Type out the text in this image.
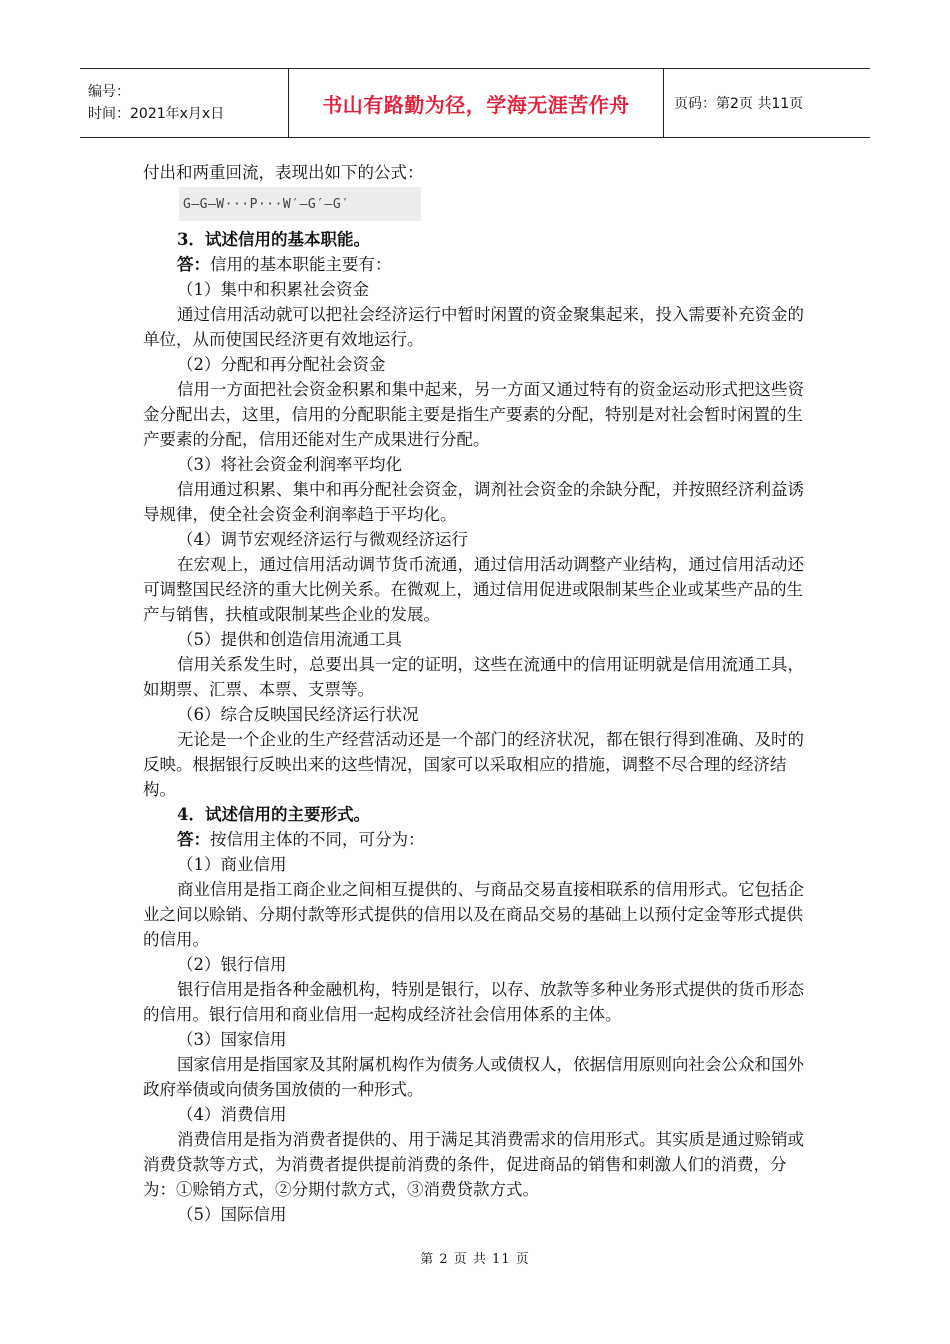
编号：
时间：2021年x月x日	书山有路勤为径，学海无涯苦作舟	页码：第2页 共11页

付出和两重回流，表现出如下的公式：

G—G—W···P···W′—G′—G′

3．试述信用的基本职能。

答：信用的基本职能主要有：

（1）集中和积累社会资金

通过信用活动就可以把社会经济运行中暂时闲置的资金聚集起来，投入需要补充资金的单位，从而使国民经济更有效地运行。

（2）分配和再分配社会资金

信用一方面把社会资金积累和集中起来，另一方面又通过特有的资金运动形式把这些资金分配出去，这里，信用的分配职能主要是指生产要素的分配，特别是对社会暂时闲置的生产要素的分配，信用还能对生产成果进行分配。

（3）将社会资金利润率平均化

信用通过积累、集中和再分配社会资金，调剂社会资金的余缺分配，并按照经济利益诱导规律，使全社会资金利润率趋于平均化。

（4）调节宏观经济运行与微观经济运行

在宏观上，通过信用活动调节货币流通，通过信用活动调整产业结构，通过信用活动还可调整国民经济的重大比例关系。在微观上，通过信用促进或限制某些企业或某些产品的生产与销售，扶植或限制某些企业的发展。

（5）提供和创造信用流通工具

信用关系发生时，总要出具一定的证明，这些在流通中的信用证明就是信用流通工具，如期票、汇票、本票、支票等。

（6）综合反映国民经济运行状况

无论是一个企业的生产经营活动还是一个部门的经济状况，都在银行得到准确、及时的反映。根据银行反映出来的这些情况，国家可以采取相应的措施，调整不尽合理的经济结构。

4．试述信用的主要形式。

答：按信用主体的不同，可分为：

（1）商业信用

商业信用是指工商企业之间相互提供的、与商品交易直接相联系的信用形式。它包括企业之间以赊销、分期付款等形式提供的信用以及在商品交易的基础上以预付定金等形式提供的信用。

（2）银行信用

银行信用是指各种金融机构，特别是银行，以存、放款等多种业务形式提供的货币形态的信用。银行信用和商业信用一起构成经济社会信用体系的主体。

（3）国家信用

国家信用是指国家及其附属机构作为债务人或债权人，依据信用原则向社会公众和国外政府举债或向债务国放债的一种形式。

（4）消费信用

消费信用是指为消费者提供的、用于满足其消费需求的信用形式。其实质是通过赊销或消费贷款等方式，为消费者提供提前消费的条件，促进商品的销售和刺激人们的消费，分为：①赊销方式，②分期付款方式，③消费贷款方式。

（5）国际信用

第 2 页 共 11 页
